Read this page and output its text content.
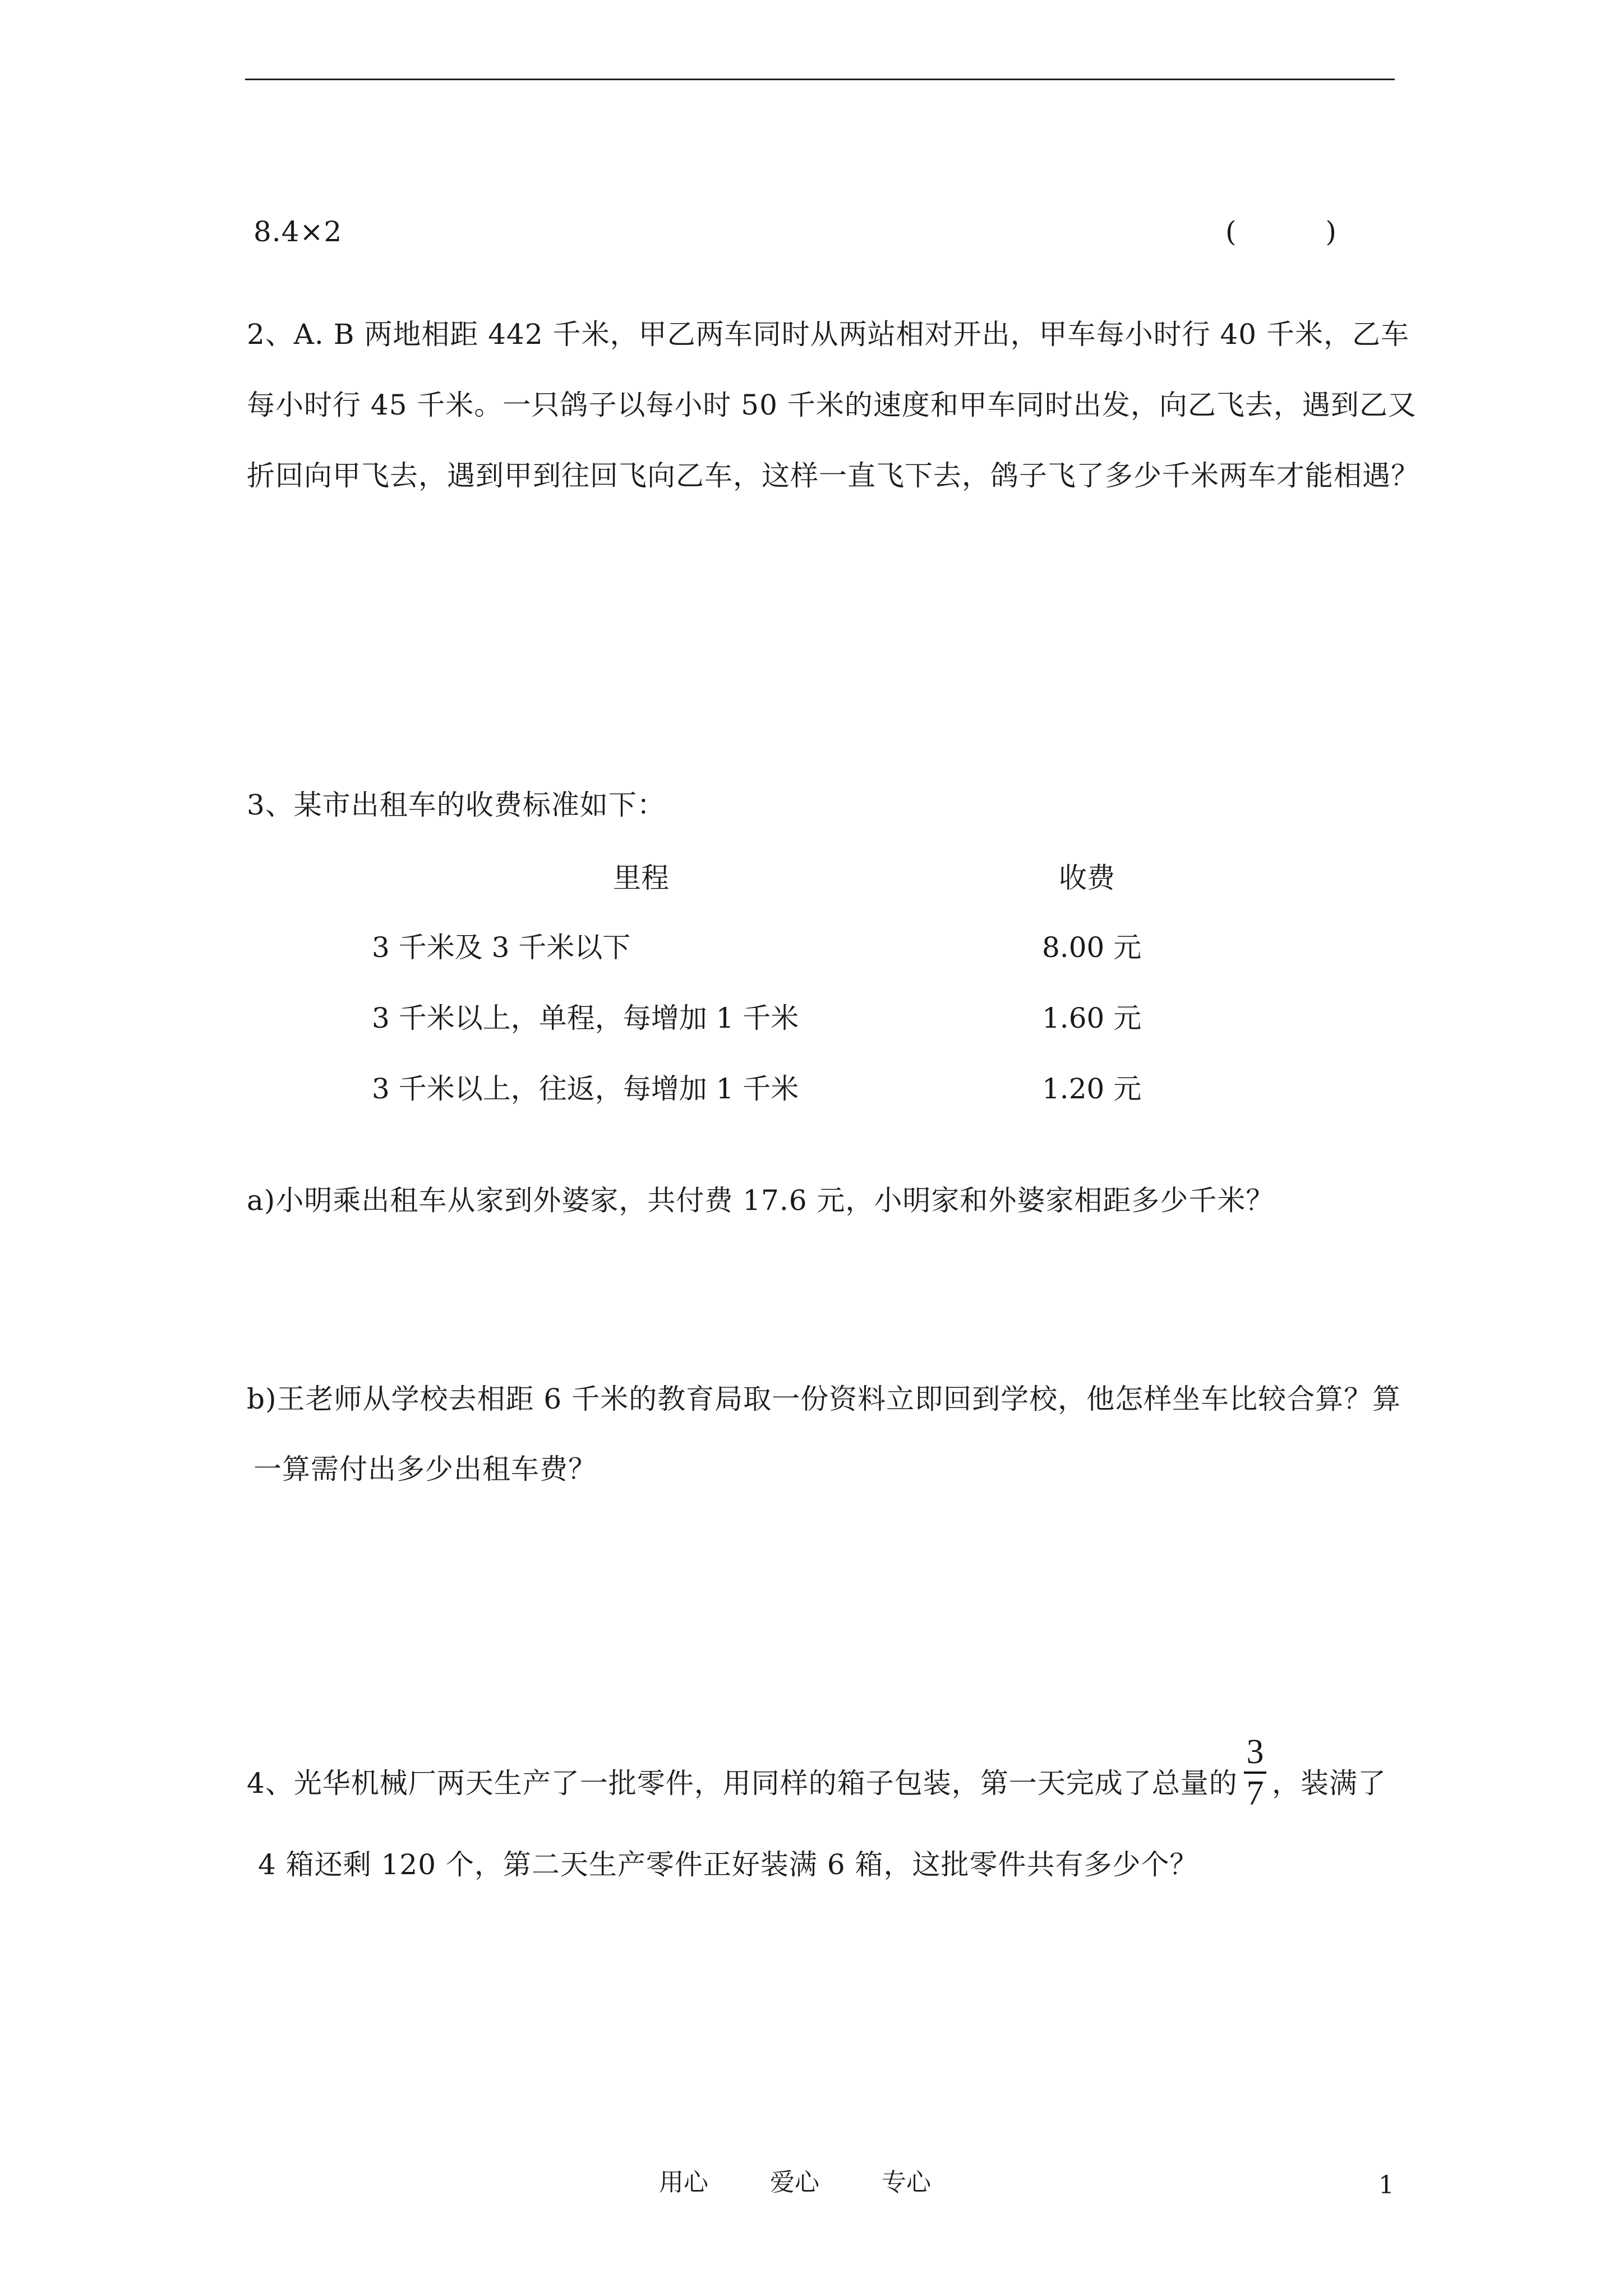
8.4×2	(          )
2、A. B 两地相距 442 千米，甲乙两车同时从两站相对开出，甲车每小时行 40 千米，乙车
每小时行 45 千米。一只鸽子以每小时 50 千米的速度和甲车同时出发，向乙飞去，遇到乙又
折回向甲飞去，遇到甲到往回飞向乙车，这样一直飞下去，鸽子飞了多少千米两车才能相遇？
3、某市出租车的收费标准如下：
里程	收费
3 千米及 3 千米以下	8.00 元
3 千米以上，单程，每增加 1 千米	1.60 元
3 千米以上，往返，每增加 1 千米	1.20 元
a)小明乘出租车从家到外婆家，共付费 17.6 元，小明家和外婆家相距多少千米？
b)王老师从学校去相距 6 千米的教育局取一份资料立即回到学校，他怎样坐车比较合算？算
一算需付出多少出租车费？
4、光华机械厂两天生产了一批零件，用同样的箱子包装，第一天完成了总量的
3
7 ，装满了
4 箱还剩 120 个，第二天生产零件正好装满 6 箱，这批零件共有多少个？
用心	爱心	专心	1
